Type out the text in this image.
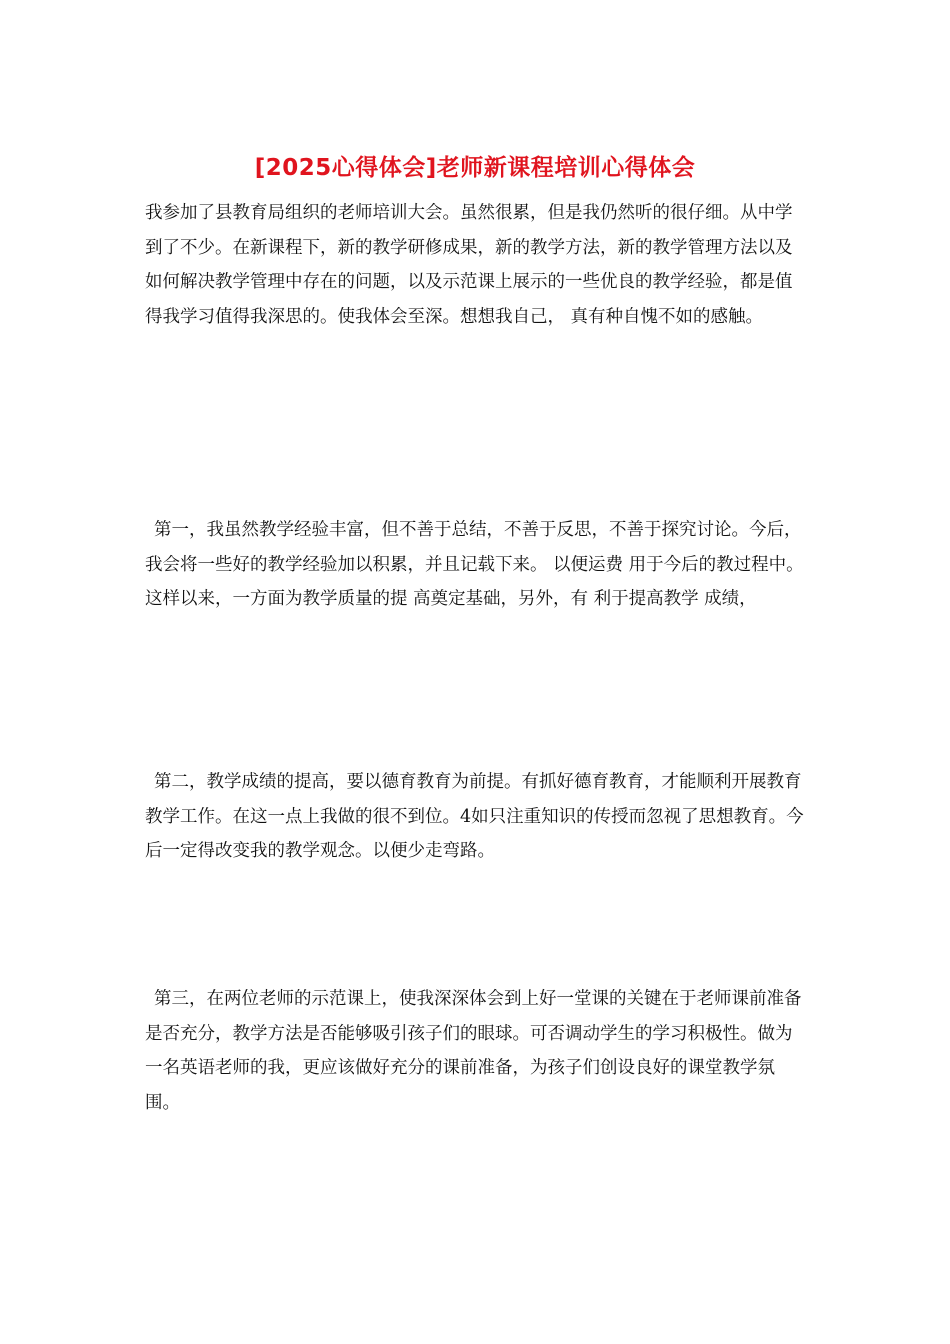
[2025心得体会]老师新课程培训心得体会

我参加了县教育局组织的老师培训大会。虽然很累，但是我仍然听的很仔细。从中学到了不少。在新课程下，新的教学研修成果，新的教学方法，新的教学管理方法以及如何解决教学管理中存在的问题，以及示范课上展示的一些优良的教学经验，都是值得我学习值得我深思的。使我体会至深。想想我自己， 真有种自愧不如的感触。

第一，我虽然教学经验丰富，但不善于总结，不善于反思，不善于探究讨论。今后， 我会将一些好的教学经验加以积累，并且记载下来。 以便运费 用于今后的教过程中。这样以来，一方面为教学质量的提 高奠定基础，另外，有 利于提高教学 成绩，

第二，教学成绩的提高，要以德育教育为前提。有抓好德育教育，才能顺利开展教育教学工作。在这一点上我做的很不到位。4如只注重知识的传授而忽视了思想教育。今后一定得改变我的教学观念。以便少走弯路。

第三，在两位老师的示范课上，使我深深体会到上好一堂课的关键在于老师课前准备是否充分，教学方法是否能够吸引孩子们的眼球。可否调动学生的学习积极性。做为一名英语老师的我，更应该做好充分的课前准备，为孩子们创设良好的课堂教学氛围。
